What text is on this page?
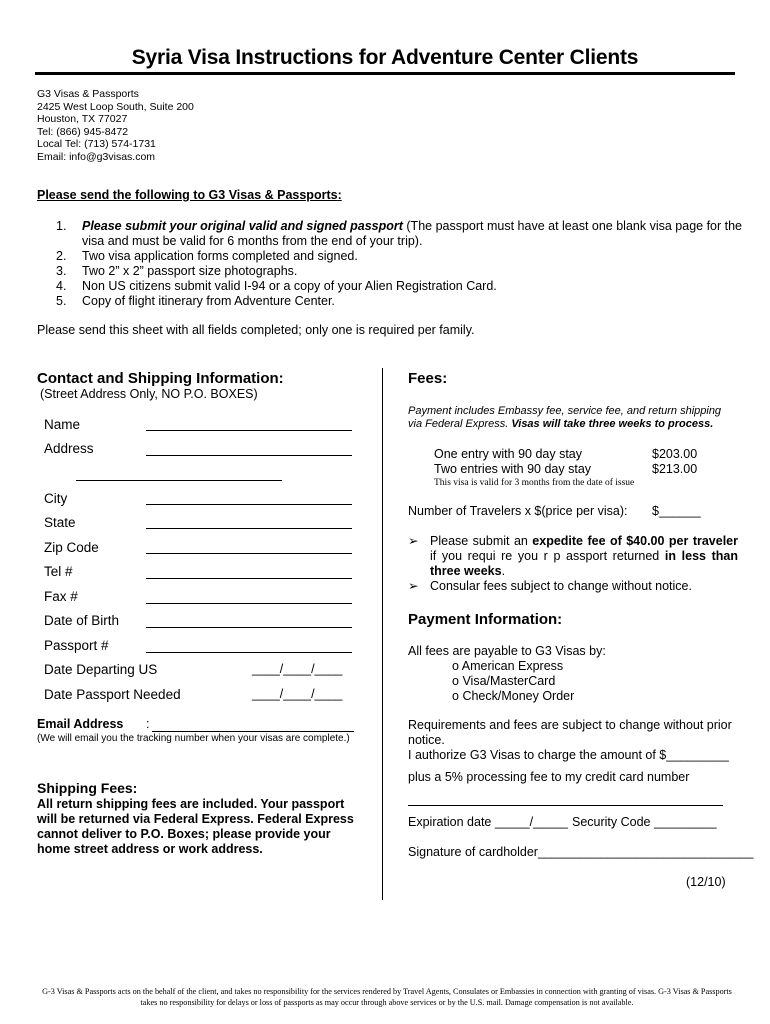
Syria Visa Instructions for Adventure Center Clients
G3 Visas & Passports
2425 West Loop South, Suite 200
Houston, TX 77027
Tel: (866) 945-8472
Local Tel: (713) 574-1731
Email: info@g3visas.com
Please send the following to G3 Visas & Passports:
1. Please submit your original valid and signed passport (The passport must have at least one blank visa page for the visa and must be valid for 6 months from the end of your trip).
2. Two visa application forms completed and signed.
3. Two 2” x 2” passport size photographs.
4. Non US citizens submit valid I-94 or a copy of your Alien Registration Card.
5. Copy of flight itinerary from Adventure Center.
Please send this sheet with all fields completed; only one is required per family.
Contact and Shipping Information:
(Street Address Only, NO P.O. BOXES)
Name
Address
City
State
Zip Code
Tel #
Fax #
Date of Birth
Passport #
Date Departing US	____/____/____
Date Passport Needed	____/____/____
Email Address :
(We will email you the tracking number when your visas are complete.)
Shipping Fees:
All return shipping fees are included. Your passport will be returned via Federal Express. Federal Express cannot deliver to P.O. Boxes; please provide your home street address or work address.
Fees:
Payment includes Embassy fee, service fee, and return shipping via Federal Express. Visas will take three weeks to process.
One entry with 90 day stay	$203.00
Two entries with 90 day stay	$213.00
This visa is valid for 3 months from the date of issue
Number of Travelers x $(price per visa): $______
➢ Please submit an expedite fee of $40.00 per traveler if you requi re you r p assport returned in less than three weeks.
➢ Consular fees subject to change without notice.
Payment Information:
All fees are payable to G3 Visas by:
o American Express
o Visa/MasterCard
o Check/Money Order
Requirements and fees are subject to change without prior notice.
I authorize G3 Visas to charge the amount of $_________
plus a 5% processing fee to my credit card number
Expiration date _____/_____ Security Code _________
Signature of cardholder_______________________________
(12/10)
G-3 Visas & Passports acts on the behalf of the client, and takes no responsibility for the services rendered by Travel Agents, Consulates or Embassies in connection with granting of visas. G-3 Visas & Passports takes no responsibility for delays or loss of passports as may occur through above services or by the U.S. mail. Damage compensation is not available.
